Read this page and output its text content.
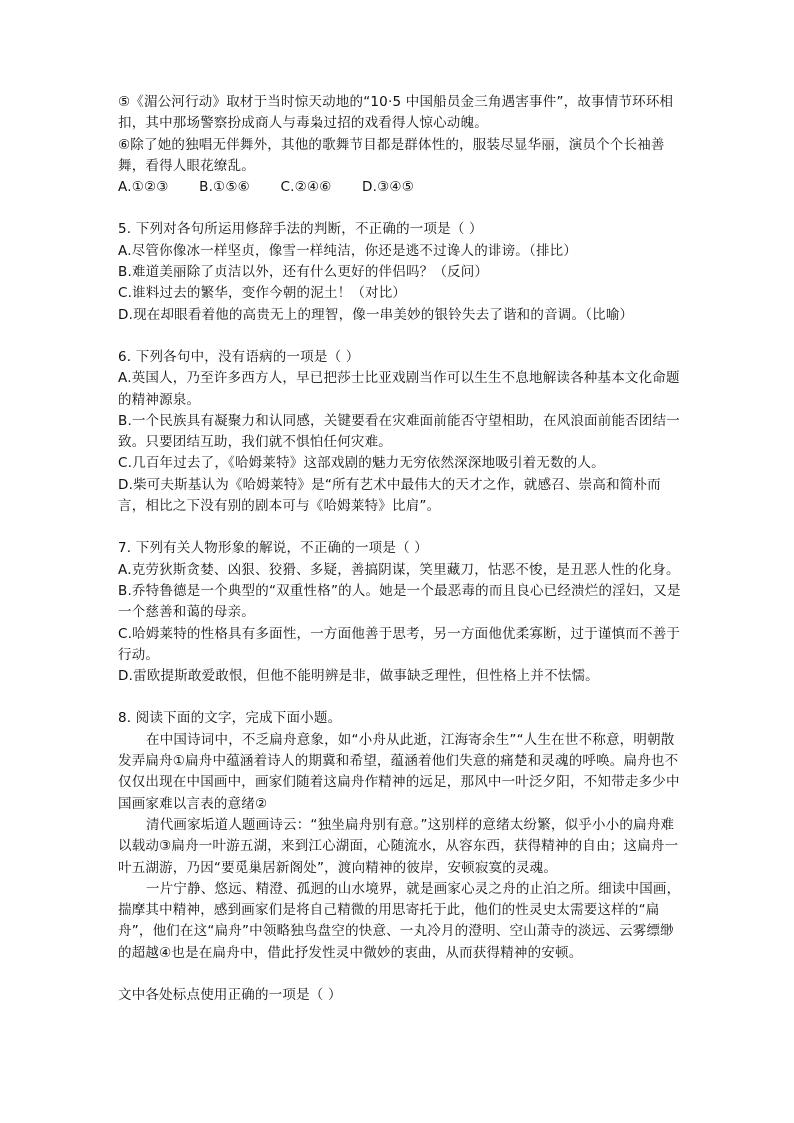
⑤《湄公河行动》取材于当时惊天动地的“10·5 中国船员金三角遇害事件”，故事情节环环相扣，其中那场警察扮成商人与毒枭过招的戏看得人惊心动魄。

⑥除了她的独唱无伴舞外，其他的歌舞节目都是群体性的，服装尽显华丽，演员个个长袖善舞，看得人眼花缭乱。

A.①②③ B.①⑤⑥ C.②④⑥ D.③④⑤

5. 下列对各句所运用修辞手法的判断，不正确的一项是（ ）

A.尽管你像冰一样坚贞，像雪一样纯洁，你还是逃不过谗人的诽谤。（排比）

B.难道美丽除了贞洁以外，还有什么更好的伴侣吗？（反问）

C.谁料过去的繁华，变作今朝的泥土！（对比）

D.现在却眼看着他的高贵无上的理智，像一串美妙的银铃失去了谐和的音调。（比喻）

6. 下列各句中，没有语病的一项是（ ）

A.英国人，乃至许多西方人，早已把莎士比亚戏剧当作可以生生不息地解读各种基本文化命题的精神源泉。

B.一个民族具有凝聚力和认同感，关键要看在灾难面前能否守望相助，在风浪面前能否团结一致。只要团结互助，我们就不惧怕任何灾难。

C.几百年过去了，《哈姆莱特》这部戏剧的魅力无穷依然深深地吸引着无数的人。

D.柴可夫斯基认为《哈姆莱特》是“所有艺术中最伟大的天才之作，就感召、崇高和简朴而言，相比之下没有别的剧本可与《哈姆莱特》比肩”。

7. 下列有关人物形象的解说，不正确的一项是（ ）

A.克劳狄斯贪婪、凶狠、狡猾、多疑，善搞阴谋，笑里藏刀，怙恶不悛，是丑恶人性的化身。

B.乔特鲁德是一个典型的“双重性格”的人。她是一个最恶毒的而且良心已经溃烂的淫妇，又是一个慈善和蔼的母亲。

C.哈姆莱特的性格具有多面性，一方面他善于思考，另一方面他优柔寡断，过于谨慎而不善于行动。

D.雷欧提斯敢爱敢恨，但他不能明辨是非，做事缺乏理性，但性格上并不怯懦。

8. 阅读下面的文字，完成下面小题。

在中国诗词中，不乏扁舟意象，如“小舟从此逝，江海寄余生”“人生在世不称意，明朝散发弄扁舟①扁舟中蕴涵着诗人的期冀和希望，蕴涵着他们失意的痛楚和灵魂的呼唤。扁舟也不仅仅出现在中国画中，画家们随着这扁舟作精神的远足，那风中一叶泛夕阳，不知带走多少中国画家难以言表的意绪②

清代画家垢道人题画诗云：“独坐扁舟别有意。”这别样的意绪太纷繁，似乎小小的扁舟难以载动③扁舟一叶游五湖，来到江心湖面，心随流水，从容东西，获得精神的自由；这扁舟一叶五湖游，乃因“要觅巢居新阁处”，渡向精神的彼岸，安顿寂寞的灵魂。

一片宁静、悠远、精澄、孤迥的山水境界，就是画家心灵之舟的止泊之所。细读中国画，揣摩其中精神，感到画家们是将自己精微的用思寄托于此，他们的性灵史太需要这样的“扁舟”，他们在这“扁舟”中领略独鸟盘空的快意、一丸冷月的澄明、空山萧寺的淡远、云雾缥缈的超越④也是在扁舟中，借此抒发性灵中微妙的衷曲，从而获得精神的安顿。

文中各处标点使用正确的一项是（ ）
